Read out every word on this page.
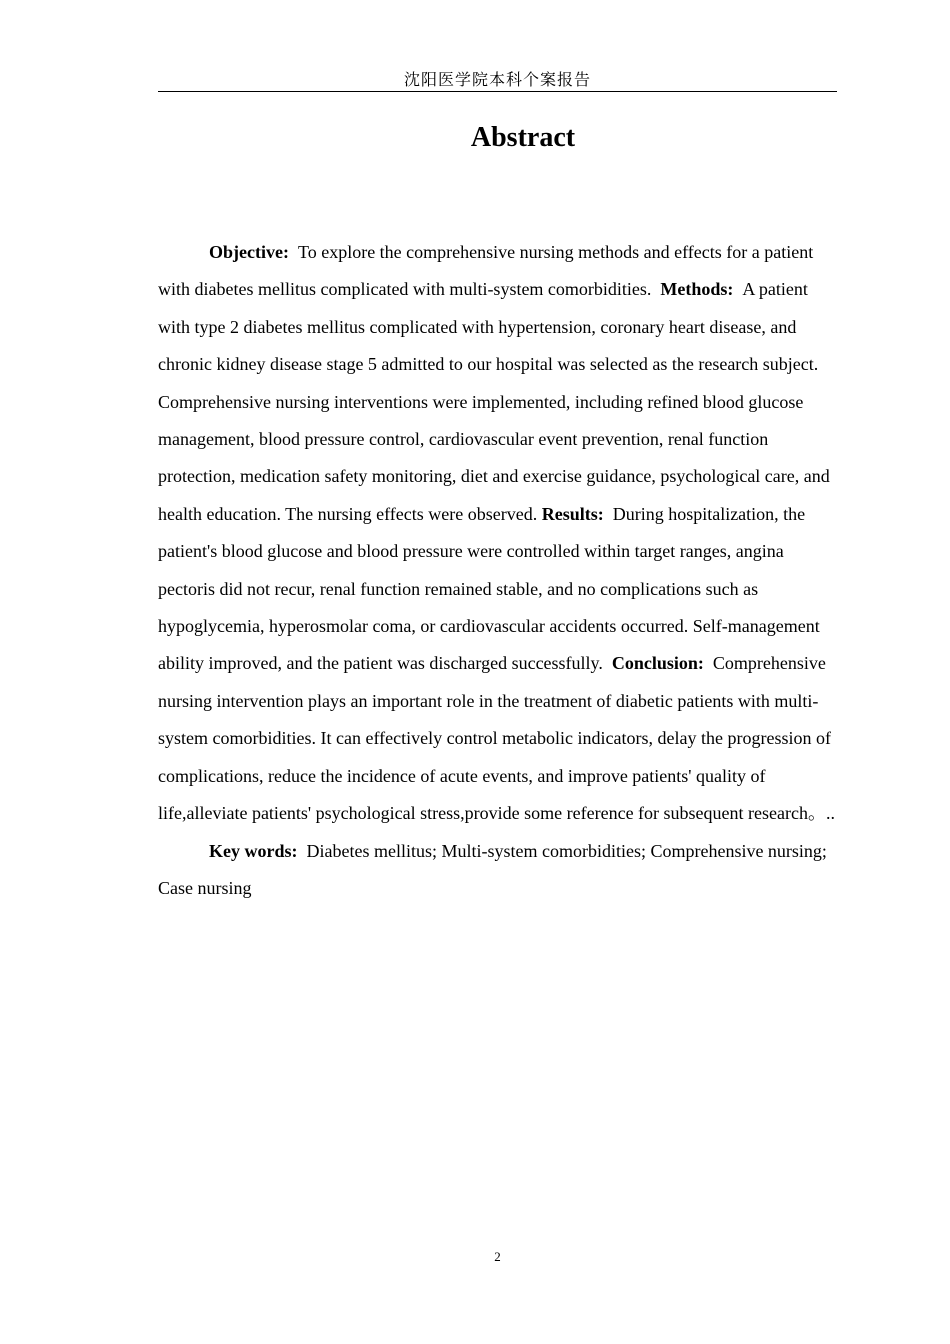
沈阳医学院本科个案报告
Abstract

Objective: To explore the comprehensive nursing methods and effects for a patient with diabetes mellitus complicated with multi-system comorbidities. Methods: A patient with type 2 diabetes mellitus complicated with hypertension, coronary heart disease, and chronic kidney disease stage 5 admitted to our hospital was selected as the research subject. Comprehensive nursing interventions were implemented, including refined blood glucose management, blood pressure control, cardiovascular event prevention, renal function protection, medication safety monitoring, diet and exercise guidance, psychological care, and health education. The nursing effects were observed. Results: During hospitalization, the patient's blood glucose and blood pressure were controlled within target ranges, angina pectoris did not recur, renal function remained stable, and no complications such as hypoglycemia, hyperosmolar coma, or cardiovascular accidents occurred. Self-management ability improved, and the patient was discharged successfully. Conclusion: Comprehensive nursing intervention plays an important role in the treatment of diabetic patients with multi-system comorbidities. It can effectively control metabolic indicators, delay the progression of complications, reduce the incidence of acute events, and improve patients' quality of life,alleviate patients' psychological stress,provide some reference for subsequent research。..

Key words: Diabetes mellitus; Multi-system comorbidities; Comprehensive nursing; Case nursing

2
